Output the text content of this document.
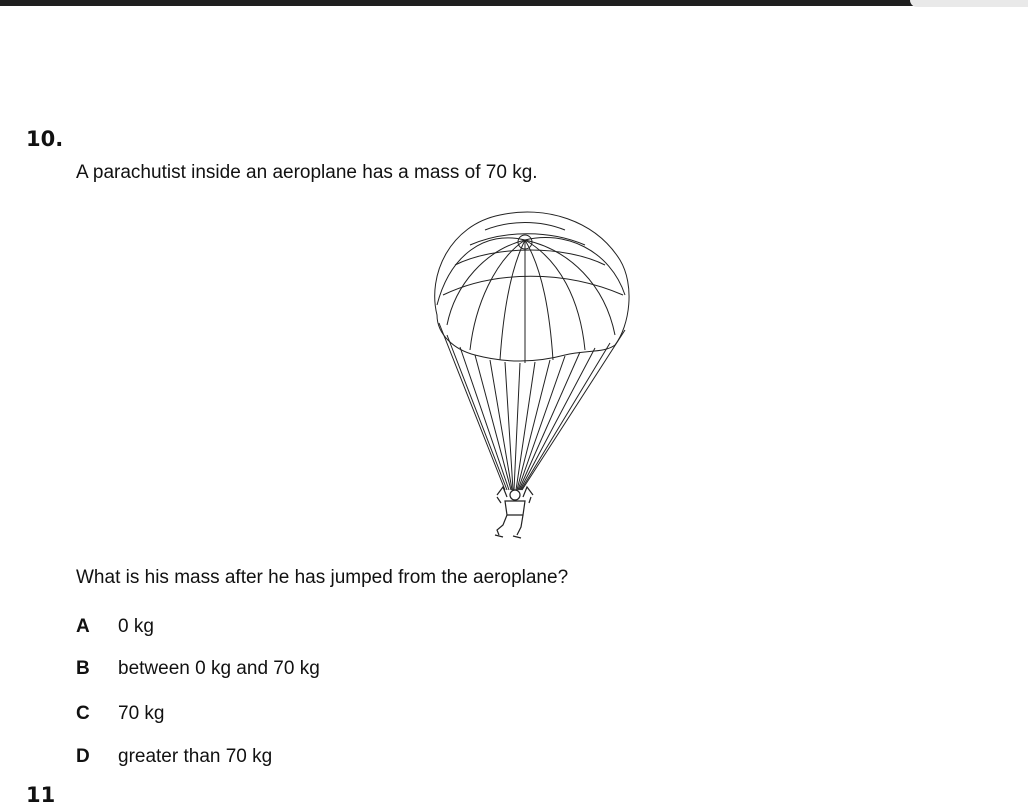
10.
A parachutist inside an aeroplane has a mass of 70 kg.
What is his mass after he has jumped from the aeroplane?
A 0 kg
B between 0 kg and 70 kg
C 70 kg
D greater than 70 kg
11
